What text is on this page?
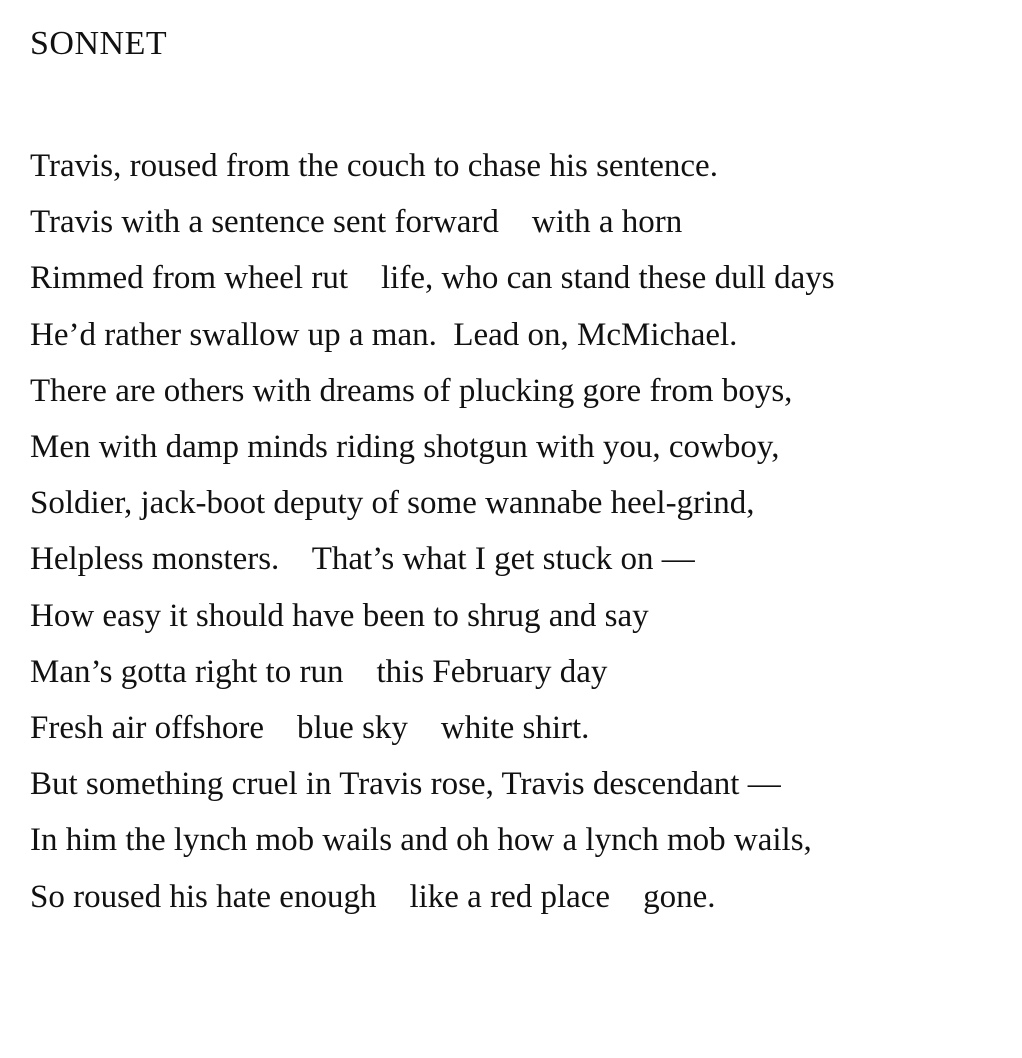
SONNET
Travis, roused from the couch to chase his sentence.
Travis with a sentence sent forward    with a horn
Rimmed from wheel rut    life, who can stand these dull days
He’d rather swallow up a man.  Lead on, McMichael.
There are others with dreams of plucking gore from boys,
Men with damp minds riding shotgun with you, cowboy,
Soldier, jack-boot deputy of some wannabe heel-grind,
Helpless monsters.    That’s what I get stuck on —
How easy it should have been to shrug and say
Man’s gotta right to run    this February day
Fresh air offshore    blue sky    white shirt.
But something cruel in Travis rose, Travis descendant —
In him the lynch mob wails and oh how a lynch mob wails,
So roused his hate enough    like a red place    gone.
